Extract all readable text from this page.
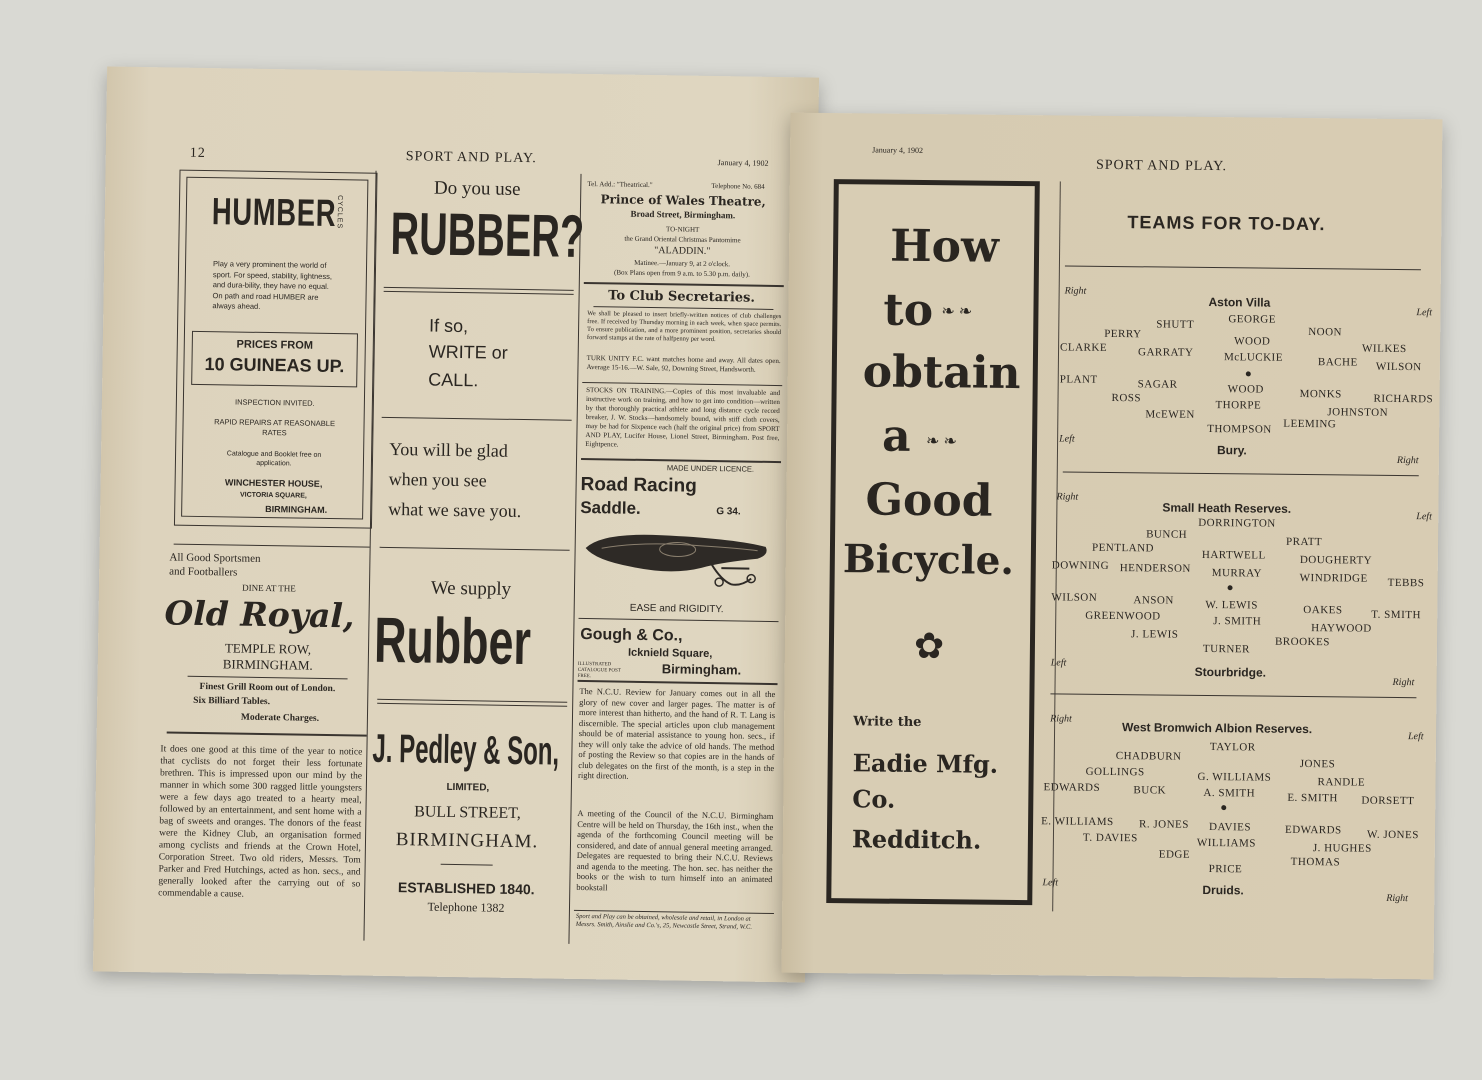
12	SPORT AND PLAY.	January 4, 1902
HUMBER CYCLES
Play a very prominent the world of sport. For speed, stability, lightness, and dura-bility, they have no equal. On path and road HUMBER are always ahead.
PRICES FROM
10 GUINEAS UP.
INSPECTION INVITED.
RAPID REPAIRS AT REASONABLE RATES
Catalogue and Booklet free on application.
WINCHESTER HOUSE,
VICTORIA SQUARE,
BIRMINGHAM.
All Good Sportsmen
and Footballers
DINE AT THE
Old Royal,
TEMPLE ROW,
BIRMINGHAM.
Finest Grill Room out of London.
Six Billiard Tables.
Moderate Charges.
It does one good at this time of the year to notice that cyclists do not forget their less fortunate brethren. This is impressed upon our mind by the manner in which some 300 ragged little youngsters were a few days ago treated to a hearty meal, followed by an entertainment, and sent home with a bag of sweets and oranges. The donors of the feast were the Kidney Club, an organisation formed among cyclists and friends at the Crown Hotel, Corporation Street. Two old riders, Messrs. Tom Parker and Fred Hutchings, acted as hon. secs., and generally looked after the carrying out of so commendable a cause.
Do you use
RUBBER?
If so,
WRITE or
CALL.
You will be glad
when you see
what we save you.
We supply
Rubber
J. Pedley & Son,
LIMITED,
BULL STREET,
BIRMINGHAM.
ESTABLISHED 1840.
Telephone 1382
Tel. Add.: "Theatrical."	Telephone No. 684
Prince of Wales Theatre,
Broad Street, Birmingham.
TO-NIGHT
the Grand Oriental Christmas Pantomime
"ALADDIN."
Matinee.—January 9, at 2 o'clock.
(Box Plans open from 9 a.m. to 5.30 p.m. daily).
To Club Secretaries.
We shall be pleased to insert briefly-written notices of club challenges free. If received by Thursday morning in each week, when space permits. To ensure publication, and a more prominent position, secretaries should forward stamps at the rate of halfpenny per word.
TURK UNITY F.C. want matches home and away. All dates open. Average 15-16.—W. Sale, 92, Downing Street, Handsworth.
STOCKS ON TRAINING.—Copies of this most invaluable and instructive work on training, and how to get into condition—written by that thoroughly practical athlete and long distance cycle record breaker, J. W. Stocks—handsomely bound, with stiff cloth covers, may be had for Sixpence each (half the original price) from SPORT AND PLAY, Lucifer House, Lionel Street, Birmingham. Post free, Eightpence.
MADE UNDER LICENCE.
Road Racing
Saddle.	G 34.
EASE and RIGIDITY.
Gough & Co.,
Icknield Square,
ILLUSTRATED CATALOGUE POST FREE.	Birmingham.
The N.C.U. Review for January comes out in all the glory of new cover and larger pages. The matter is of more interest than hitherto, and the hand of R. T. Lang is discernible. The special articles upon club management should be of material assistance to young hon. secs., if they will only take the advice of old hands. The method of posting the Review so that copies are in the hands of club delegates on the first of the month, is a step in the right direction.
A meeting of the Council of the N.C.U. Birmingham Centre will be held on Thursday, the 16th inst., when the agenda of the forthcoming Council meeting will be considered, and date of annual general meeting arranged. Delegates are requested to bring their N.C.U. Reviews and agenda to the meeting. The hon. sec. has neither the books or the wish to turn himself into an animated bookstall
Sport and Play can be obtained, wholesale and retail, in London at Messrs. Smith, Ainslie and Co.'s, 25, Newcastle Street, Strand, W.C.
January 4, 1902
SPORT AND PLAY.
How
to ❧ ❧
obtain
a ❧ ❧
Good
Bicycle.
✿
Write the
Eadie Mfg.
Co.
Redditch.
TEAMS FOR TO-DAY.
Right
Left
Aston Villa
GEORGE
SHUTT
NOON
PERRY
WOOD
WILKES
CLARKE	GARRATY	McLUCKIE	BACHE WILSON
PLANT	SAGAR	WOOD	MONKS	RICHARDS
ROSS
THORPE
JOHNSTON
McEWEN
LEEMING
THOMPSON
Left
Bury.
Right
Right
Left
Small Heath Reserves.
DORRINGTON
BUNCH
PRATT
PENTLAND
HARTWELL	DOUGHERTY
DOWNING HENDERSON MURRAY	WINDRIDGE TEBBS
WILSON	ANSON	W. LEWIS	OAKES	T. SMITH
GREENWOOD	J. SMITH
HAYWOOD
J. LEWIS
BROOKES
TURNER
Left
Stourbridge.
Right
Right
Left
West Bromwich Albion Reserves.
TAYLOR
CHADBURN
JONES
GOLLINGS	G. WILLIAMS	RANDLE
EDWARDS	BUCK	A. SMITH	E. SMITH DORSETT
E. WILLIAMS R. JONES DAVIES	EDWARDS W. JONES
T. DAVIES	WILLIAMS	J. HUGHES
EDGE
THOMAS
PRICE
Left
Druids.
Right
